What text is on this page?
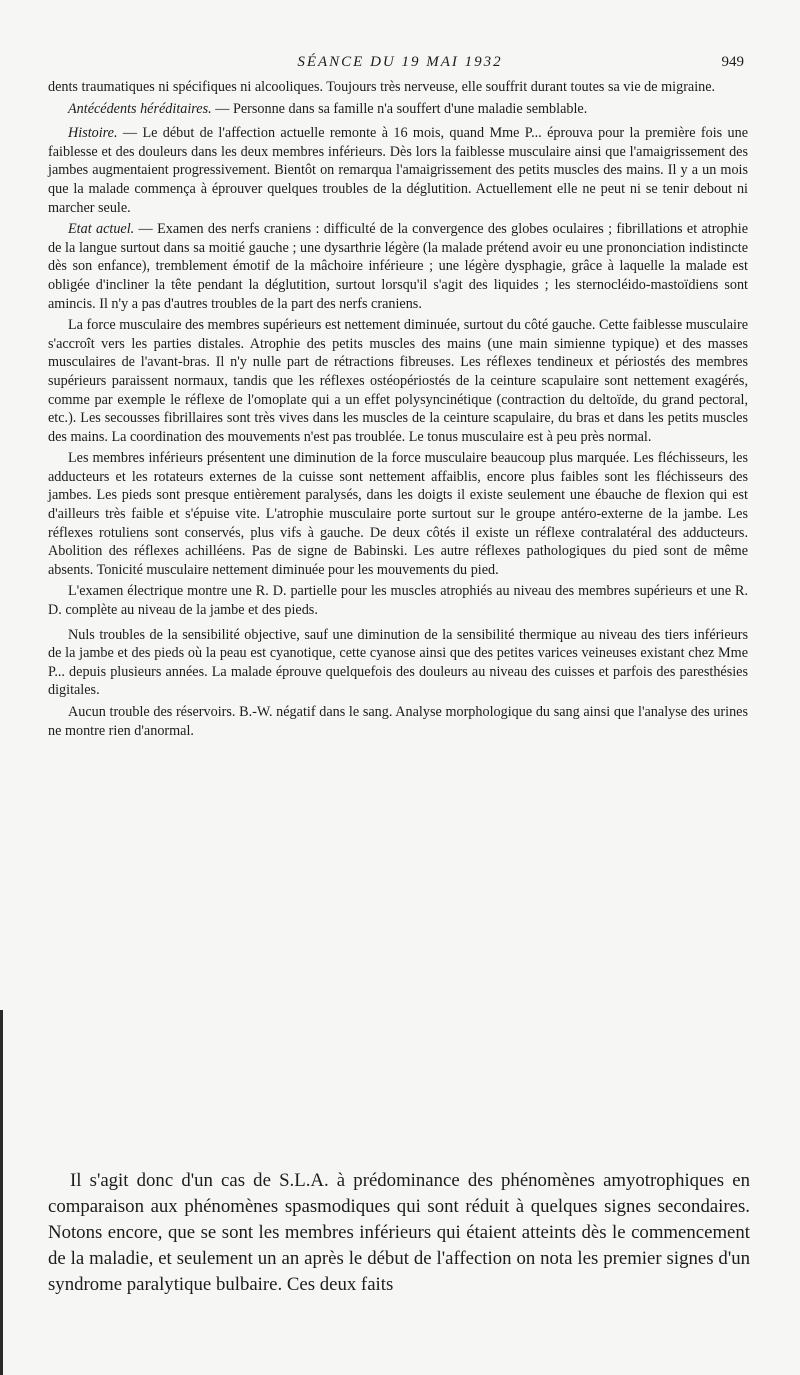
SÉANCE DU 19 MAI 1932	949

dents traumatiques ni spécifiques ni alcooliques. Toujours très nerveuse, elle souffrit durant toutes sa vie de migraine.

Antécédents héréditaires. — Personne dans sa famille n'a souffert d'une maladie semblable.

Histoire. — Le début de l'affection actuelle remonte à 16 mois, quand Mme P... éprouva pour la première fois une faiblesse et des douleurs dans les deux membres inférieurs. Dès lors la faiblesse musculaire ainsi que l'amaigrissement des jambes augmentaient progressivement. Bientôt on remarqua l'amaigrissement des petits muscles des mains. Il y a un mois que la malade commença à éprouver quelques troubles de la déglutition. Actuellement elle ne peut ni se tenir debout ni marcher seule.

Etat actuel. — Examen des nerfs craniens : difficulté de la convergence des globes oculaires ; fibrillations et atrophie de la langue surtout dans sa moitié gauche ; une dysarthrie légère (la malade prétend avoir eu une prononciation indistincte dès son enfance), tremblement émotif de la mâchoire inférieure ; une légère dysphagie, grâce à laquelle la malade est obligée d'incliner la tête pendant la déglutition, surtout lorsqu'il s'agit des liquides ; les sternocléido-mastoïdiens sont amincis. Il n'y a pas d'autres troubles de la part des nerfs craniens.

La force musculaire des membres supérieurs est nettement diminuée, surtout du côté gauche. Cette faiblesse musculaire s'accroît vers les parties distales. Atrophie des petits muscles des mains (une main simienne typique) et des masses musculaires de l'avant-bras. Il n'y nulle part de rétractions fibreuses. Les réflexes tendineux et périostés des membres supérieurs paraissent normaux, tandis que les réflexes ostéopériostés de la ceinture scapulaire sont nettement exagérés, comme par exemple le réflexe de l'omoplate qui a un effet polysyncinétique (contraction du deltoïde, du grand pectoral, etc.). Les secousses fibrillaires sont très vives dans les muscles de la ceinture scapulaire, du bras et dans les petits muscles des mains. La coordination des mouvements n'est pas troublée. Le tonus musculaire est à peu près normal.

Les membres inférieurs présentent une diminution de la force musculaire beaucoup plus marquée. Les fléchisseurs, les adducteurs et les rotateurs externes de la cuisse sont nettement affaiblis, encore plus faibles sont les fléchisseurs des jambes. Les pieds sont presque entièrement paralysés, dans les doigts il existe seulement une ébauche de flexion qui est d'ailleurs très faible et s'épuise vite. L'atrophie musculaire porte surtout sur le groupe antéro-externe de la jambe. Les réflexes rotuliens sont conservés, plus vifs à gauche. De deux côtés il existe un réflexe contralatéral des adducteurs. Abolition des réflexes achilléens. Pas de signe de Babinski. Les autre réflexes pathologiques du pied sont de même absents. Tonicité musculaire nettement diminuée pour les mouvements du pied.

L'examen électrique montre une R. D. partielle pour les muscles atrophiés au niveau des membres supérieurs et une R. D. complète au niveau de la jambe et des pieds.

Nuls troubles de la sensibilité objective, sauf une diminution de la sensibilité thermique au niveau des tiers inférieurs de la jambe et des pieds où la peau est cyanotique, cette cyanose ainsi que des petites varices veineuses existant chez Mme P... depuis plusieurs années. La malade éprouve quelquefois des douleurs au niveau des cuisses et parfois des paresthésies digitales.

Aucun trouble des réservoirs. B.-W. négatif dans le sang. Analyse morphologique du sang ainsi que l'analyse des urines ne montre rien d'anormal.

Il s'agit donc d'un cas de S.L.A. à prédominance des phénomènes amyotrophiques en comparaison aux phénomènes spasmodiques qui sont réduit à quelques signes secondaires. Notons encore, que se sont les membres inférieurs qui étaient atteints dès le commencement de la maladie, et seulement un an après le début de l'affection on nota les premier signes d'un syndrome paralytique bulbaire. Ces deux faits
